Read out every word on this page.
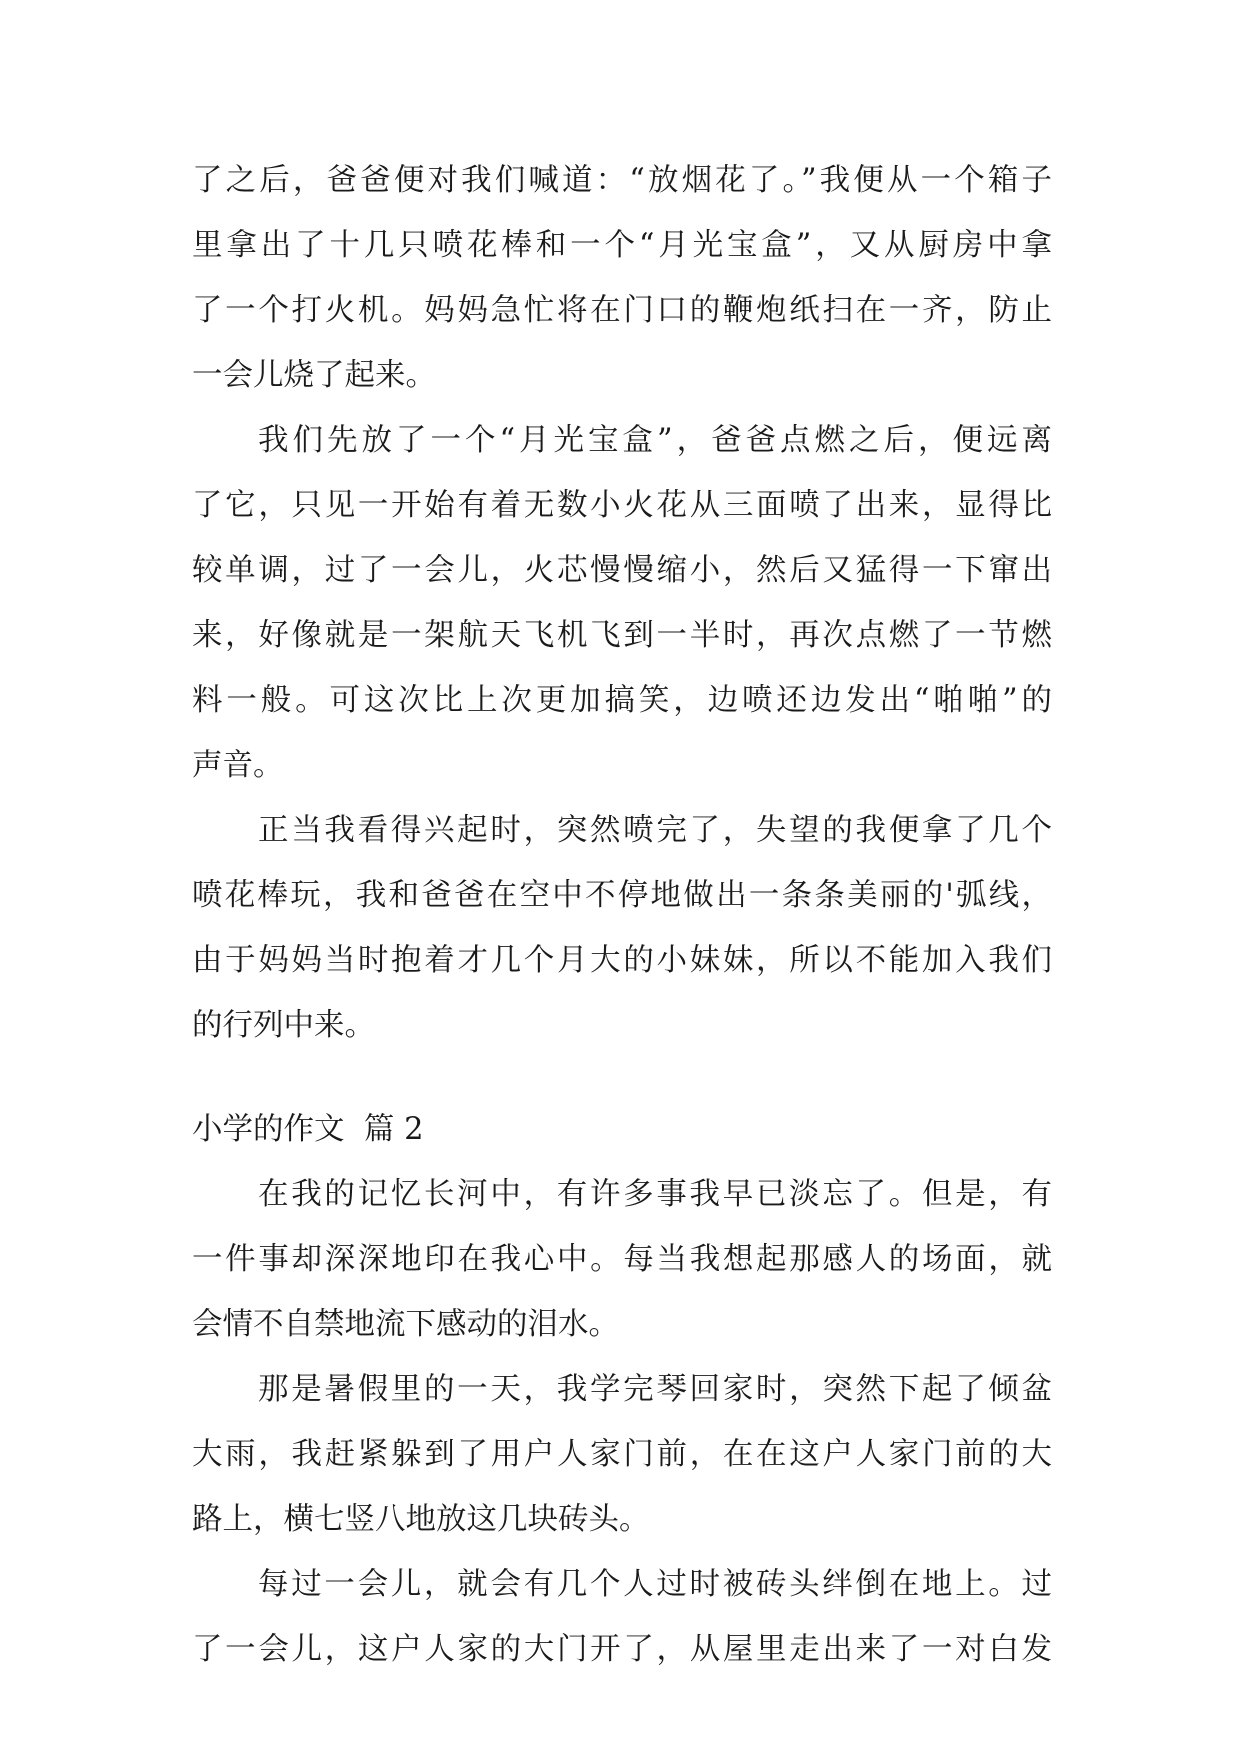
了之后，爸爸便对我们喊道：“放烟花了。”我便从一个箱子
里拿出了十几只喷花棒和一个“月光宝盒”，又从厨房中拿
了一个打火机。妈妈急忙将在门口的鞭炮纸扫在一齐，防止
一会儿烧了起来。
我们先放了一个“月光宝盒”，爸爸点燃之后，便远离
了它，只见一开始有着无数小火花从三面喷了出来，显得比
较单调，过了一会儿，火芯慢慢缩小，然后又猛得一下窜出
来，好像就是一架航天飞机飞到一半时，再次点燃了一节燃
料一般。可这次比上次更加搞笑，边喷还边发出“啪啪”的
声音。
正当我看得兴起时，突然喷完了，失望的我便拿了几个
喷花棒玩，我和爸爸在空中不停地做出一条条美丽的'弧线，
由于妈妈当时抱着才几个月大的小妹妹，所以不能加入我们
的行列中来。
小学的作文  篇 2
在我的记忆长河中，有许多事我早已淡忘了。但是，有
一件事却深深地印在我心中。每当我想起那感人的场面，就
会情不自禁地流下感动的泪水。
那是暑假里的一天，我学完琴回家时，突然下起了倾盆
大雨，我赶紧躲到了用户人家门前，在在这户人家门前的大
路上，横七竖八地放这几块砖头。
每过一会儿，就会有几个人过时被砖头绊倒在地上。过
了一会儿，这户人家的大门开了，从屋里走出来了一对白发
